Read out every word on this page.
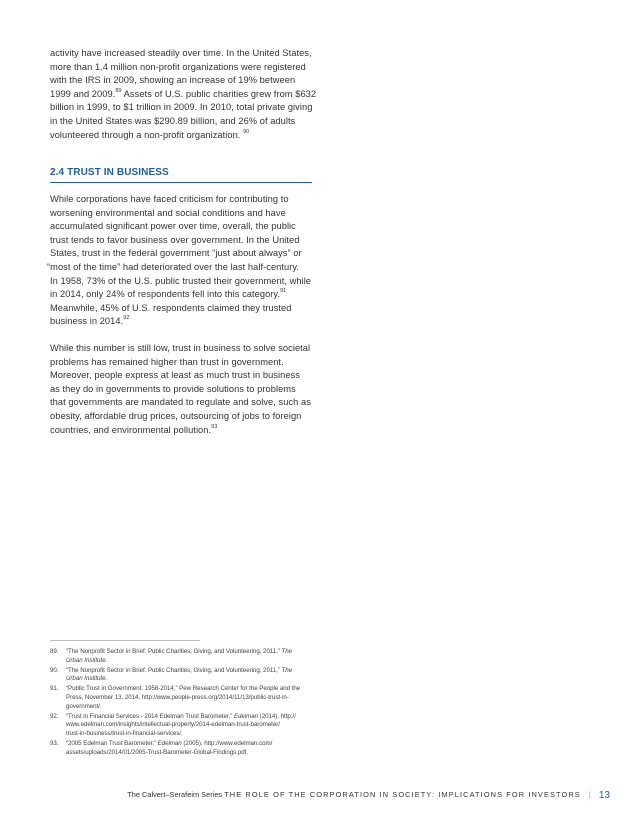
activity have increased steadily over time. In the United States,
more than 1.4 million non-profit organizations were registered
with the IRS in 2009, showing an increase of 19% between
1999 and 2009.89 Assets of U.S. public charities grew from $632
billion in 1999, to $1 trillion in 2009. In 2010, total private giving
in the United States was $290.89 billion, and 26% of adults
volunteered through a non-profit organization. $^{90}$
2.4 TRUST IN BUSINESS
While corporations have faced criticism for contributing to
worsening environmental and social conditions and have
accumulated significant power over time, overall, the public
trust tends to favor business over government. In the United
States, trust in the federal government “just about always” or
“most of the time” had deteriorated over the last half-century.
In 1958, 73% of the U.S. public trusted their government, while
in 2014, only 24% of respondents fell into this category.$^{91}$
Meanwhile, 45% of U.S. respondents claimed they trusted
business in 2014.92
While this number is still low, trust in business to solve societal
problems has remained higher than trust in government.
Moreover, people express at least as much trust in business
as they do in governments to provide solutions to problems
that governments are mandated to regulate and solve, such as
obesity, affordable drug prices, outsourcing of jobs to foreign
countries, and environmental pollution.$^{93}$
89. “The Nonprofit Sector in Brief: Public Charities, Giving, and Volunteering, 2011,” The
Urban Institute.
90. “The Nonprofit Sector in Brief: Public Charities, Giving, and Volunteering, 2011,” The
Urban Institute.
91. “Public Trust in Government: 1958-2014,” Pew Research Center for the People and the
Press, November 13, 2014, http://www.people-press.org/2014/11/13/public-trust-in-
government/.
92. “Trust in Financial Services - 2014 Edelman Trust Barometer,” Edelman (2014), http://
www.edelman.com/insights/intellectual-property/2014-edelman-trust-barometer/
trust-in-business/trust-in-financial-services/.
93. “2005 Edelman Trust Barometer,” Edelman (2005), http://www.edelman.com/
assets/uploads/2014/01/2005-Trust-Barometer-Global-Findings.pdf.
The Calvert–Serafeim Series THE ROLE OF THE CORPORATION IN SOCIETY: IMPLICATIONS FOR INVESTORS | 13
